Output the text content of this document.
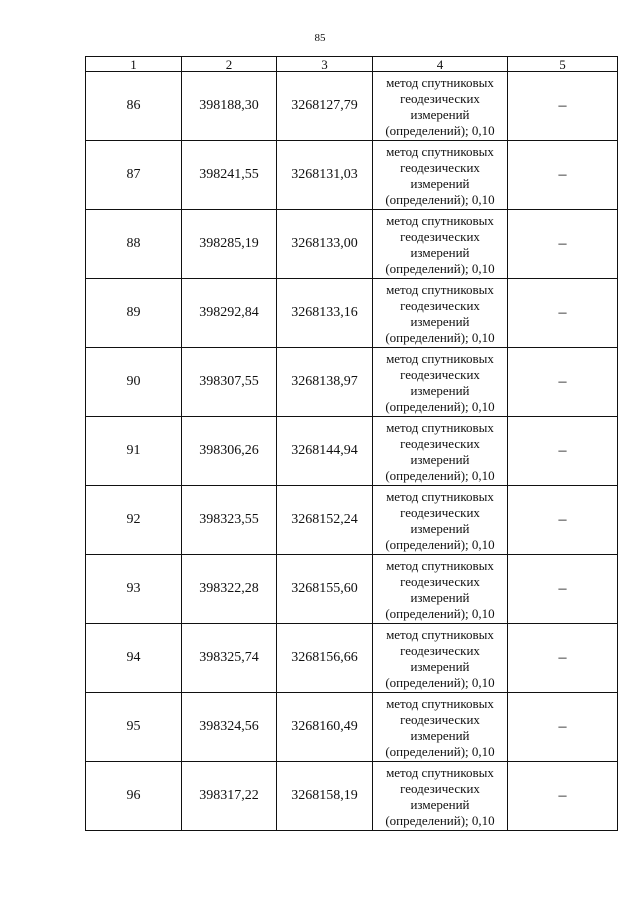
85
1	2	3	4	5
86	398188,30	3268127,79	метод спутниковых геодезических измерений (определений); 0,10	–
87	398241,55	3268131,03	метод спутниковых геодезических измерений (определений); 0,10	–
88	398285,19	3268133,00	метод спутниковых геодезических измерений (определений); 0,10	–
89	398292,84	3268133,16	метод спутниковых геодезических измерений (определений); 0,10	–
90	398307,55	3268138,97	метод спутниковых геодезических измерений (определений); 0,10	–
91	398306,26	3268144,94	метод спутниковых геодезических измерений (определений); 0,10	–
92	398323,55	3268152,24	метод спутниковых геодезических измерений (определений); 0,10	–
93	398322,28	3268155,60	метод спутниковых геодезических измерений (определений); 0,10	–
94	398325,74	3268156,66	метод спутниковых геодезических измерений (определений); 0,10	–
95	398324,56	3268160,49	метод спутниковых геодезических измерений (определений); 0,10	–
96	398317,22	3268158,19	метод спутниковых геодезических измерений (определений); 0,10	–
